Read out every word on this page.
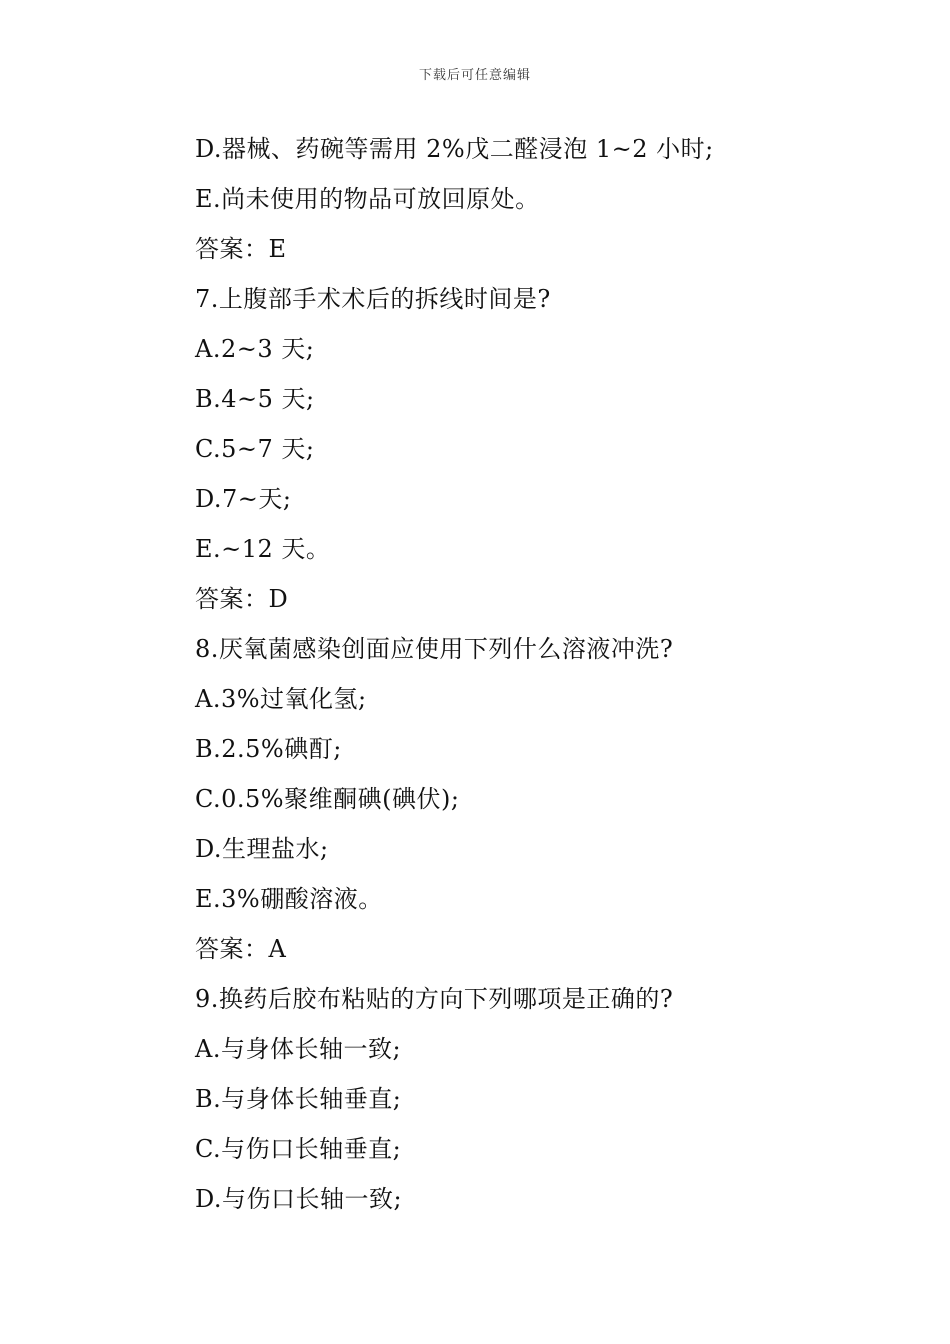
下载后可任意编辑
D.器械、药碗等需用 2%戊二醛浸泡 1~2 小时;
E.尚未使用的物品可放回原处。
答案：E
7.上腹部手术术后的拆线时间是?
A.2~3 天;
B.4~5 天;
C.5~7 天;
D.7~天;
E.~12 天。
答案：D
8.厌氧菌感染创面应使用下列什么溶液冲洗?
A.3%过氧化氢;
B.2.5%碘酊;
C.0.5%聚维酮碘(碘伏);
D.生理盐水;
E.3%硼酸溶液。
答案：A
9.换药后胶布粘贴的方向下列哪项是正确的?
A.与身体长轴一致;
B.与身体长轴垂直;
C.与伤口长轴垂直;
D.与伤口长轴一致;
